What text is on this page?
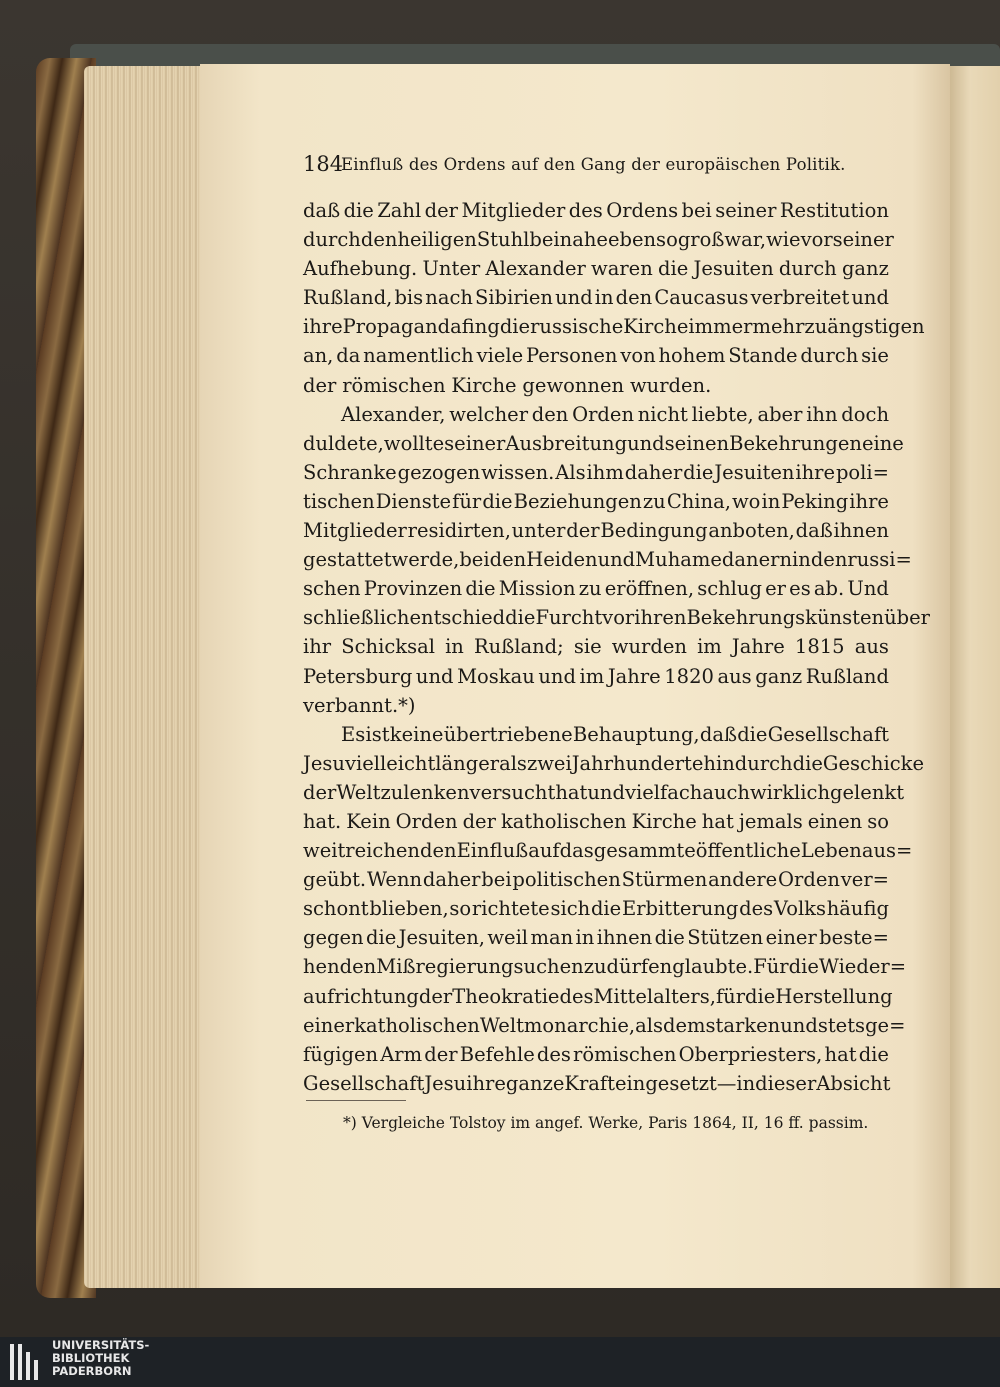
184
Einfluß des Ordens auf den Gang der europäischen Politik.
daß die Zahl der Mitglieder des Ordens bei seiner Restitution
durch den heiligen Stuhl beinahe ebenso groß war, wie vor seiner
Aufhebung. Unter Alexander waren die Jesuiten durch ganz
Rußland, bis nach Sibirien und in den Caucasus verbreitet und
ihre Propaganda fing die russische Kirche immer mehr zu ängstigen
an, da namentlich viele Personen von hohem Stande durch sie
der römischen Kirche gewonnen wurden.
Alexander, welcher den Orden nicht liebte, aber ihn doch
duldete, wollte seiner Ausbreitung und seinen Bekehrungen eine
Schranke gezogen wissen. Als ihm daher die Jesuiten ihre poli=
tischen Dienste für die Beziehungen zu China, wo in Peking ihre
Mitglieder residirten, unter der Bedingung anboten, daß ihnen
gestattet werde, bei den Heiden und Muhamedanern in den russi=
schen Provinzen die Mission zu eröffnen, schlug er es ab. Und
schließlich entschied die Furcht vor ihren Bekehrungskünsten über
ihr Schicksal in Rußland; sie wurden im Jahre 1815 aus
Petersburg und Moskau und im Jahre 1820 aus ganz Rußland
verbannt.*)
Es ist keine übertriebene Behauptung, daß die Gesellschaft
Jesu vielleicht länger als zwei Jahrhunderte hindurch die Geschicke
der Welt zu lenken versucht hat und vielfach auch wirklich gelenkt
hat. Kein Orden der katholischen Kirche hat jemals einen so
weitreichenden Einfluß auf das gesammte öffentliche Leben aus=
geübt. Wenn daher bei politischen Stürmen andere Orden ver=
schont blieben, so richtete sich die Erbitterung des Volks häufig
gegen die Jesuiten, weil man in ihnen die Stützen einer beste=
henden Mißregierung suchen zu dürfen glaubte. Für die Wieder=
aufrichtung der Theokratie des Mittelalters, für die Herstellung
einer katholischen Weltmonarchie, als dem starken und stets ge=
fügigen Arm der Befehle des römischen Oberpriesters, hat die
Gesellschaft Jesu ihre ganze Kraft eingesetzt — in dieser Absicht
*) Vergleiche Tolstoy im angef. Werke, Paris 1864, II, 16 ff. passim.
UNIVERSITÄTS-
BIBLIOTHEK
PADERBORN
